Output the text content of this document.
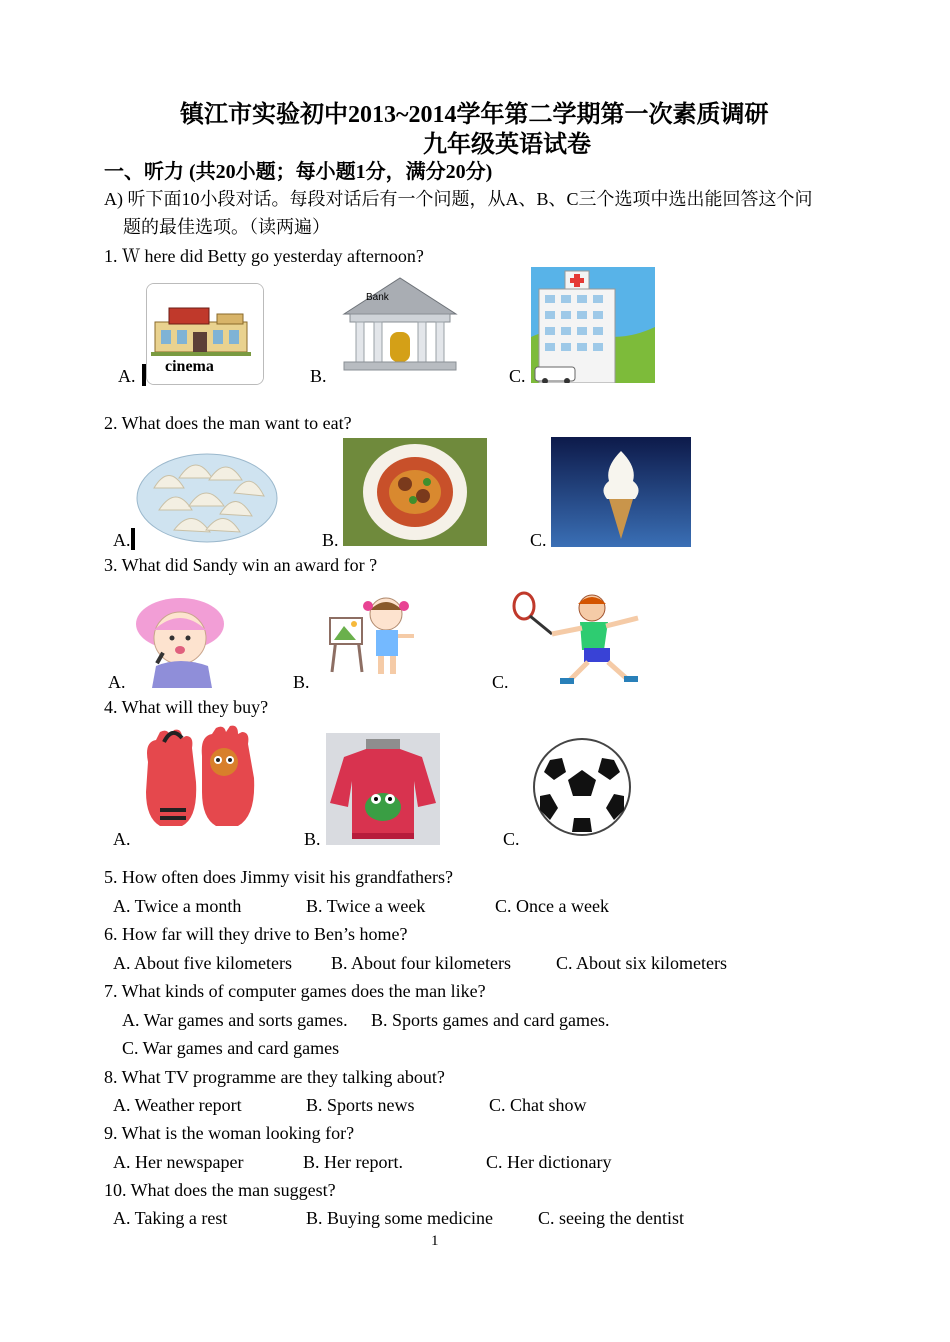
镇江市实验初中2013~2014学年第二学期第一次素质调研
九年级英语试卷
一、听力 (共20小题；每小题1分，满分20分)
A) 听下面10小段对话。每段对话后有一个问题，从A、B、C三个选项中选出能回答这个问
题的最佳选项。（读两遍）
1. Ｗ here did Betty go yesterday afternoon?
A. cinema	B.
Bank
C.
2. What does the man want to eat?
A.	B.	C.
3. What did Sandy win an award for ?
A.	B.	C.
4. What will they buy?
A.	B.	C.
5. How often does Jimmy visit his grandfathers?
A. Twice a month	B. Twice a week	C. Once a week
6. How far will they drive to Ben’s home?
A. About five kilometers B. About four kilometers	C. About six kilometers
7. What kinds of computer games does the man like?
A. War games and sorts games. B. Sports games and card games.
C. War games and card games
8. What TV programme are they talking about?
A. Weather report	B. Sports news	C. Chat show
9. What is the woman looking for?
A. Her newspaper	B. Her report.	C. Her dictionary
10. What does the man suggest?
A. Taking a rest	B. Buying some medicine	C. seeing the dentist
1
